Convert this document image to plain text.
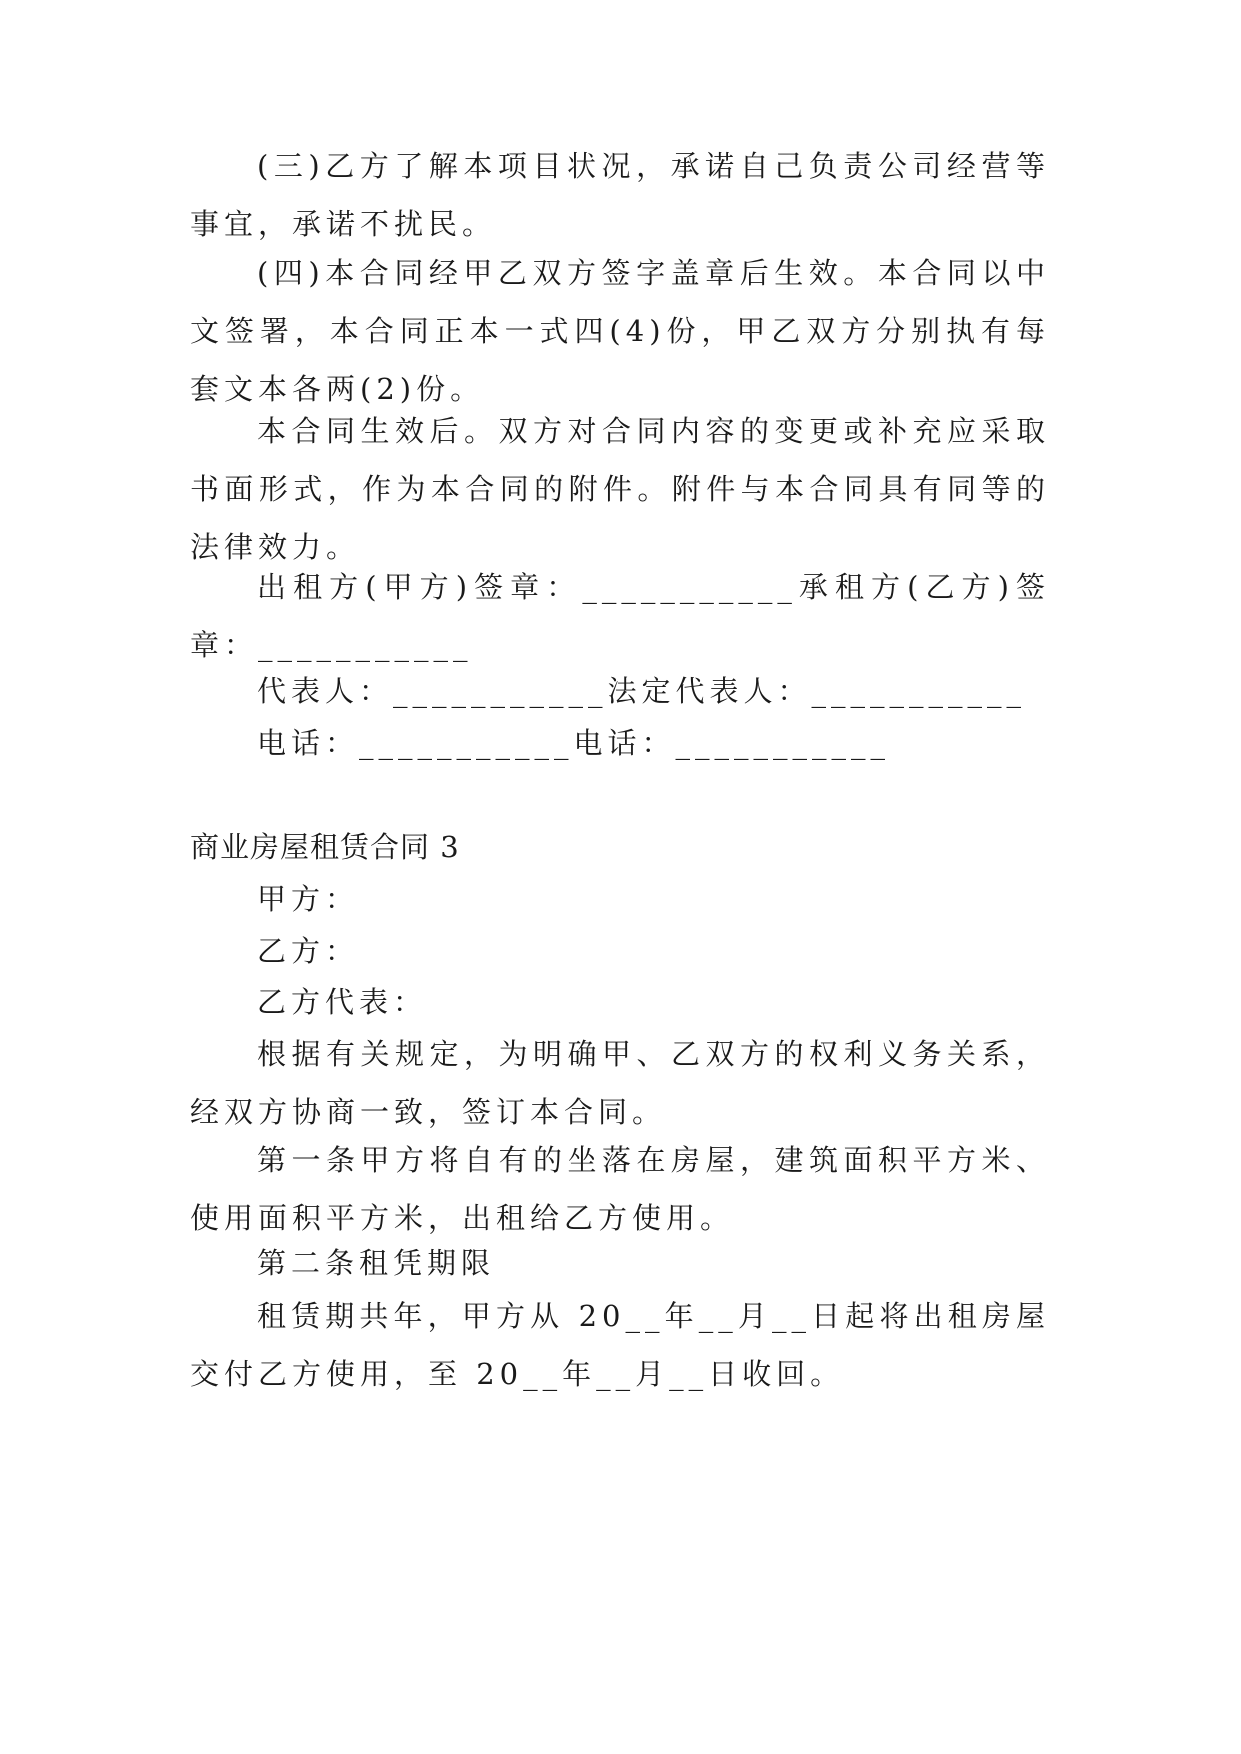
(三)乙方了解本项目状况，承诺自己负责公司经营等事宜，承诺不扰民。
(四)本合同经甲乙双方签字盖章后生效。本合同以中文签署，本合同正本一式四(4)份，甲乙双方分别执有每套文本各两(2)份。
本合同生效后。双方对合同内容的变更或补充应采取书面形式，作为本合同的附件。附件与本合同具有同等的法律效力。
出租方(甲方)签章：___________承租方(乙方)签章：___________
代表人：___________法定代表人：___________
电话：___________电话：___________
商业房屋租赁合同 3
甲方：
乙方：
乙方代表：
根据有关规定，为明确甲、乙双方的权利义务关系，经双方协商一致，签订本合同。
第一条甲方将自有的坐落在房屋，建筑面积平方米、使用面积平方米，出租给乙方使用。
第二条租凭期限
租赁期共年，甲方从 20__年__月__日起将出租房屋交付乙方使用，至 20__年__月__日收回。
